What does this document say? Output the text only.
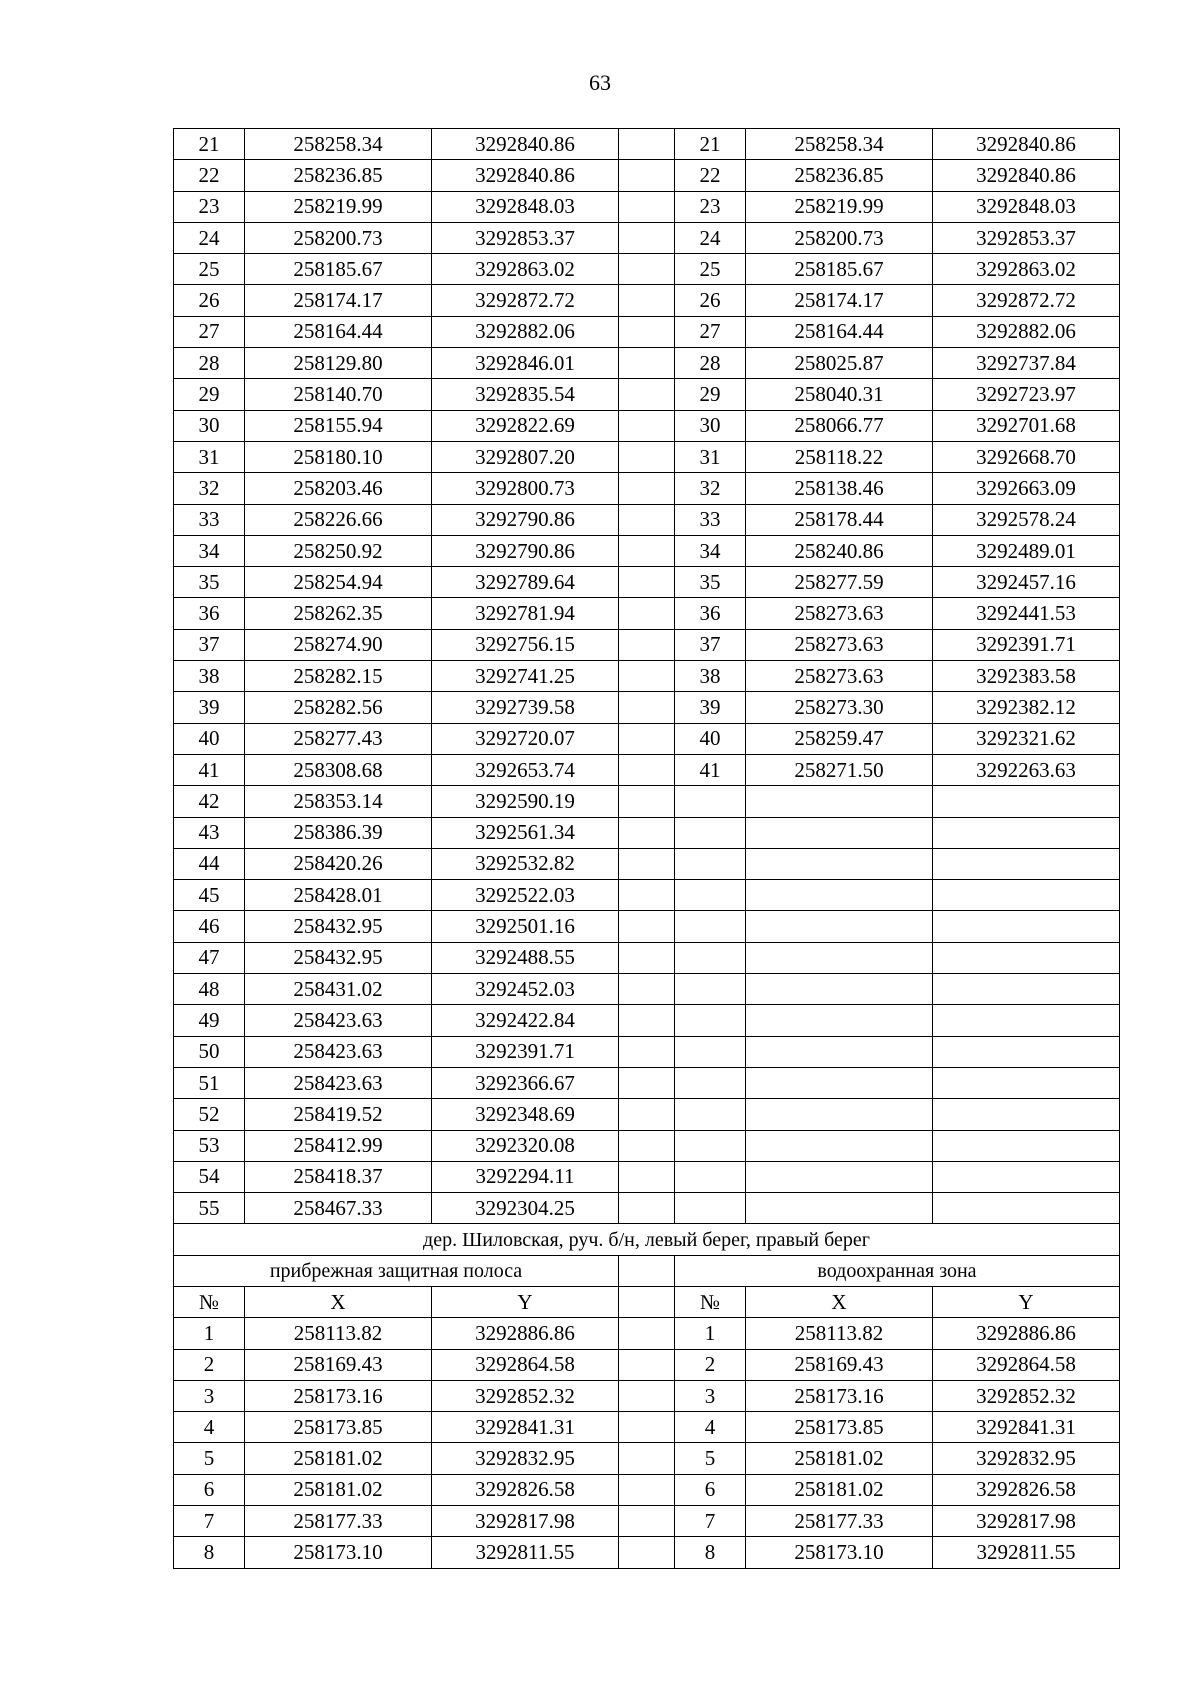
63
21	258258.34	3292840.86		21	258258.34	3292840.86
22	258236.85	3292840.86		22	258236.85	3292840.86
23	258219.99	3292848.03		23	258219.99	3292848.03
24	258200.73	3292853.37		24	258200.73	3292853.37
25	258185.67	3292863.02		25	258185.67	3292863.02
26	258174.17	3292872.72		26	258174.17	3292872.72
27	258164.44	3292882.06		27	258164.44	3292882.06
28	258129.80	3292846.01		28	258025.87	3292737.84
29	258140.70	3292835.54		29	258040.31	3292723.97
30	258155.94	3292822.69		30	258066.77	3292701.68
31	258180.10	3292807.20		31	258118.22	3292668.70
32	258203.46	3292800.73		32	258138.46	3292663.09
33	258226.66	3292790.86		33	258178.44	3292578.24
34	258250.92	3292790.86		34	258240.86	3292489.01
35	258254.94	3292789.64		35	258277.59	3292457.16
36	258262.35	3292781.94		36	258273.63	3292441.53
37	258274.90	3292756.15		37	258273.63	3292391.71
38	258282.15	3292741.25		38	258273.63	3292383.58
39	258282.56	3292739.58		39	258273.30	3292382.12
40	258277.43	3292720.07		40	258259.47	3292321.62
41	258308.68	3292653.74		41	258271.50	3292263.63
42	258353.14	3292590.19				
43	258386.39	3292561.34				
44	258420.26	3292532.82				
45	258428.01	3292522.03				
46	258432.95	3292501.16				
47	258432.95	3292488.55				
48	258431.02	3292452.03				
49	258423.63	3292422.84				
50	258423.63	3292391.71				
51	258423.63	3292366.67				
52	258419.52	3292348.69				
53	258412.99	3292320.08				
54	258418.37	3292294.11				
55	258467.33	3292304.25				
дер. Шиловская, руч. б/н, левый берег, правый берег						
прибрежная защитная полоса				водоохранная зона		
№	X	Y		№	X	Y
1	258113.82	3292886.86		1	258113.82	3292886.86
2	258169.43	3292864.58		2	258169.43	3292864.58
3	258173.16	3292852.32		3	258173.16	3292852.32
4	258173.85	3292841.31		4	258173.85	3292841.31
5	258181.02	3292832.95		5	258181.02	3292832.95
6	258181.02	3292826.58		6	258181.02	3292826.58
7	258177.33	3292817.98		7	258177.33	3292817.98
8	258173.10	3292811.55		8	258173.10	3292811.55
